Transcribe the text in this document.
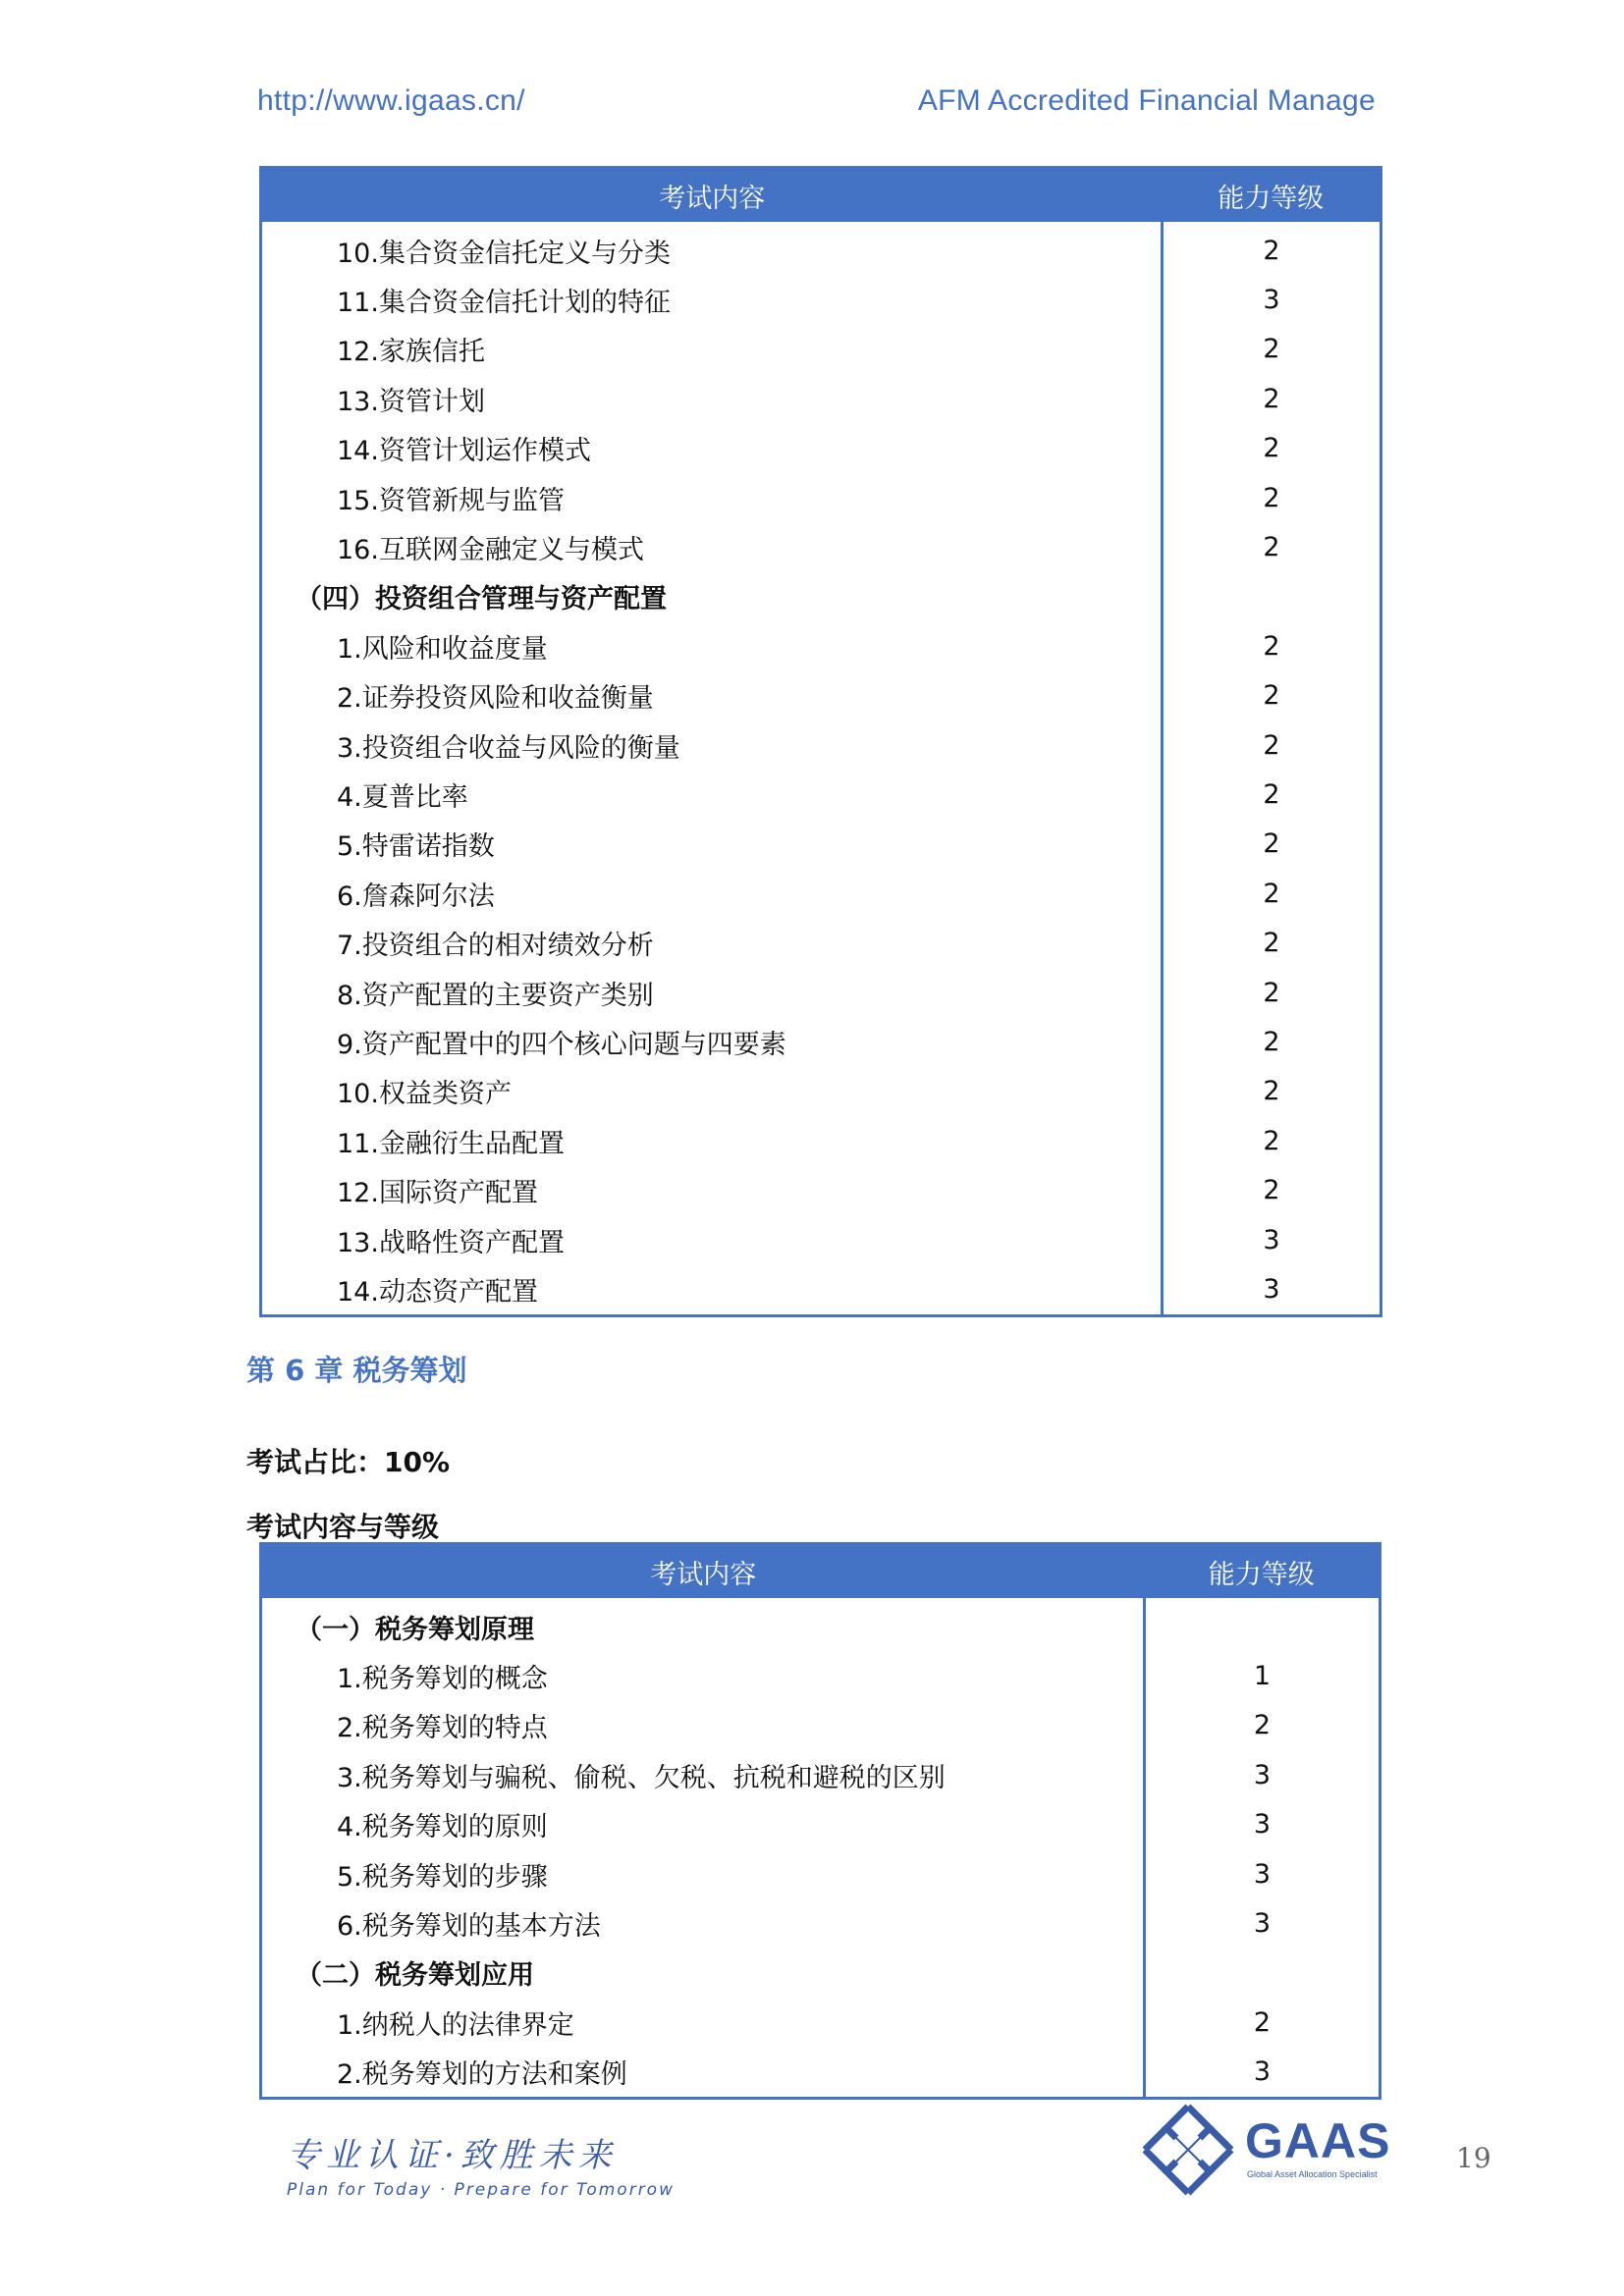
http://www.igaas.cn/	AFM Accredited Financial Manage
考试内容	能力等级
10.集合资金信托定义与分类	2
11.集合资金信托计划的特征	3
12.家族信托	2
13.资管计划	2
14.资管计划运作模式	2
15.资管新规与监管	2
16.互联网金融定义与模式	2
（四）投资组合管理与资产配置	
1.风险和收益度量	2
2.证券投资风险和收益衡量	2
3.投资组合收益与风险的衡量	2
4.夏普比率	2
5.特雷诺指数	2
6.詹森阿尔法	2
7.投资组合的相对绩效分析	2
8.资产配置的主要资产类别	2
9.资产配置中的四个核心问题与四要素	2
10.权益类资产	2
11.金融衍生品配置	2
12.国际资产配置	2
13.战略性资产配置	3
14.动态资产配置	3
第 6 章 税务筹划
考试占比：10%
考试内容与等级
考试内容	能力等级
（一）税务筹划原理	
1.税务筹划的概念	1
2.税务筹划的特点	2
3.税务筹划与骗税、偷税、欠税、抗税和避税的区别	3
4.税务筹划的原则	3
5.税务筹划的步骤	3
6.税务筹划的基本方法	3
（二）税务筹划应用	
1.纳税人的法律界定	2
2.税务筹划的方法和案例	3
专业认证·致胜未来
Plan for Today · Prepare for Tomorrow
GAAS
Global Asset Allocation Specialist	19
